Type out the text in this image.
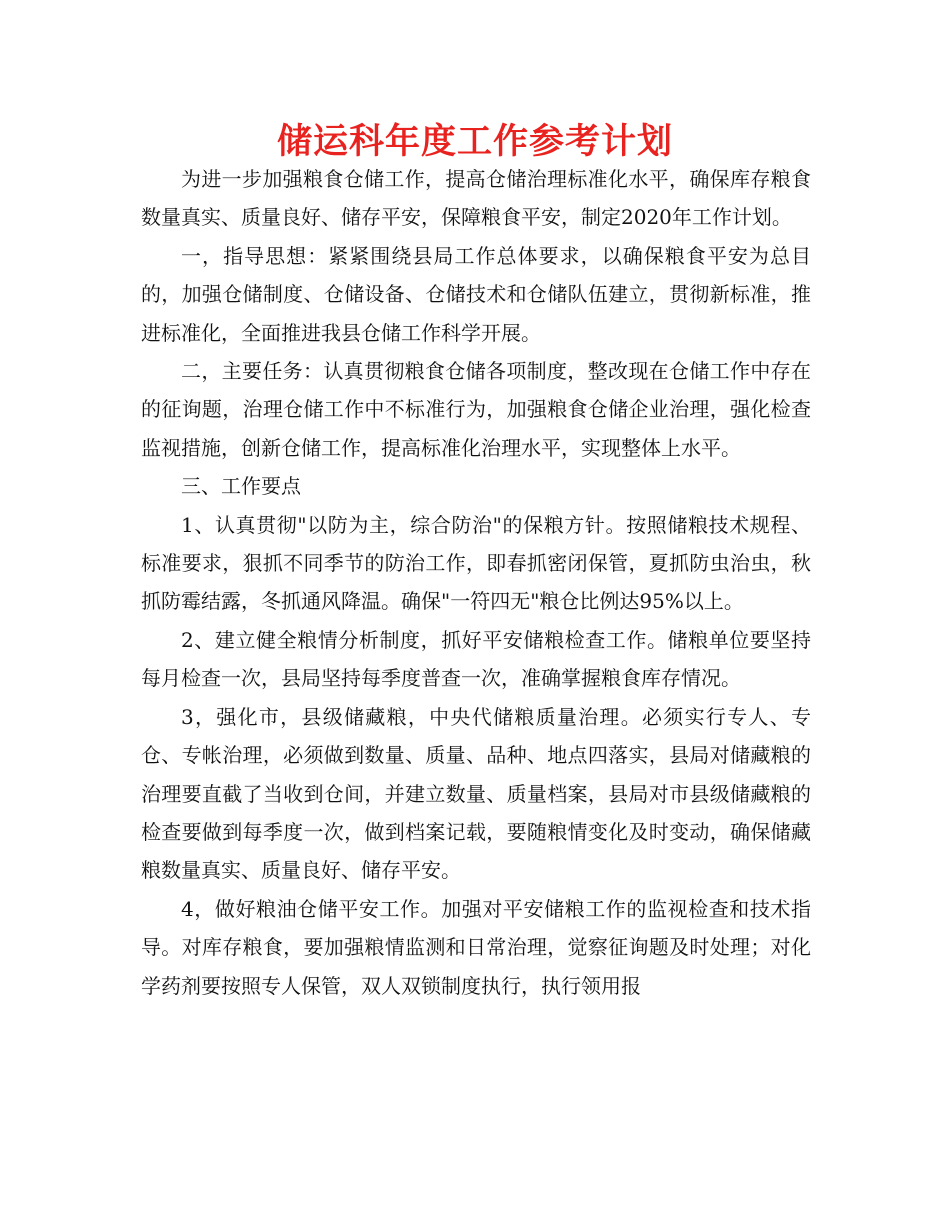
储运科年度工作参考计划

为进一步加强粮食仓储工作，提高仓储治理标准化水平，确保库存粮食数量真实、质量良好、储存平安，保障粮食平安，制定2020年工作计划。

一，指导思想：紧紧围绕县局工作总体要求，以确保粮食平安为总目的，加强仓储制度、仓储设备、仓储技术和仓储队伍建立，贯彻新标准，推进标准化，全面推进我县仓储工作科学开展。

二，主要任务：认真贯彻粮食仓储各项制度，整改现在仓储工作中存在的征询题，治理仓储工作中不标准行为，加强粮食仓储企业治理，强化检查监视措施，创新仓储工作，提高标准化治理水平，实现整体上水平。

三、工作要点

1、认真贯彻"以防为主，综合防治"的保粮方针。按照储粮技术规程、标准要求，狠抓不同季节的防治工作，即春抓密闭保管，夏抓防虫治虫，秋抓防霉结露，冬抓通风降温。确保"一符四无"粮仓比例达95%以上。

2、建立健全粮情分析制度，抓好平安储粮检查工作。储粮单位要坚持每月检查一次，县局坚持每季度普查一次，准确掌握粮食库存情况。

3，强化市，县级储藏粮，中央代储粮质量治理。必须实行专人、专仓、专帐治理，必须做到数量、质量、品种、地点四落实，县局对储藏粮的治理要直截了当收到仓间，并建立数量、质量档案，县局对市县级储藏粮的检查要做到每季度一次，做到档案记载，要随粮情变化及时变动，确保储藏粮数量真实、质量良好、储存平安。

4，做好粮油仓储平安工作。加强对平安储粮工作的监视检查和技术指导。对库存粮食，要加强粮情监测和日常治理，觉察征询题及时处理；对化学药剂要按照专人保管，双人双锁制度执行，执行领用报
